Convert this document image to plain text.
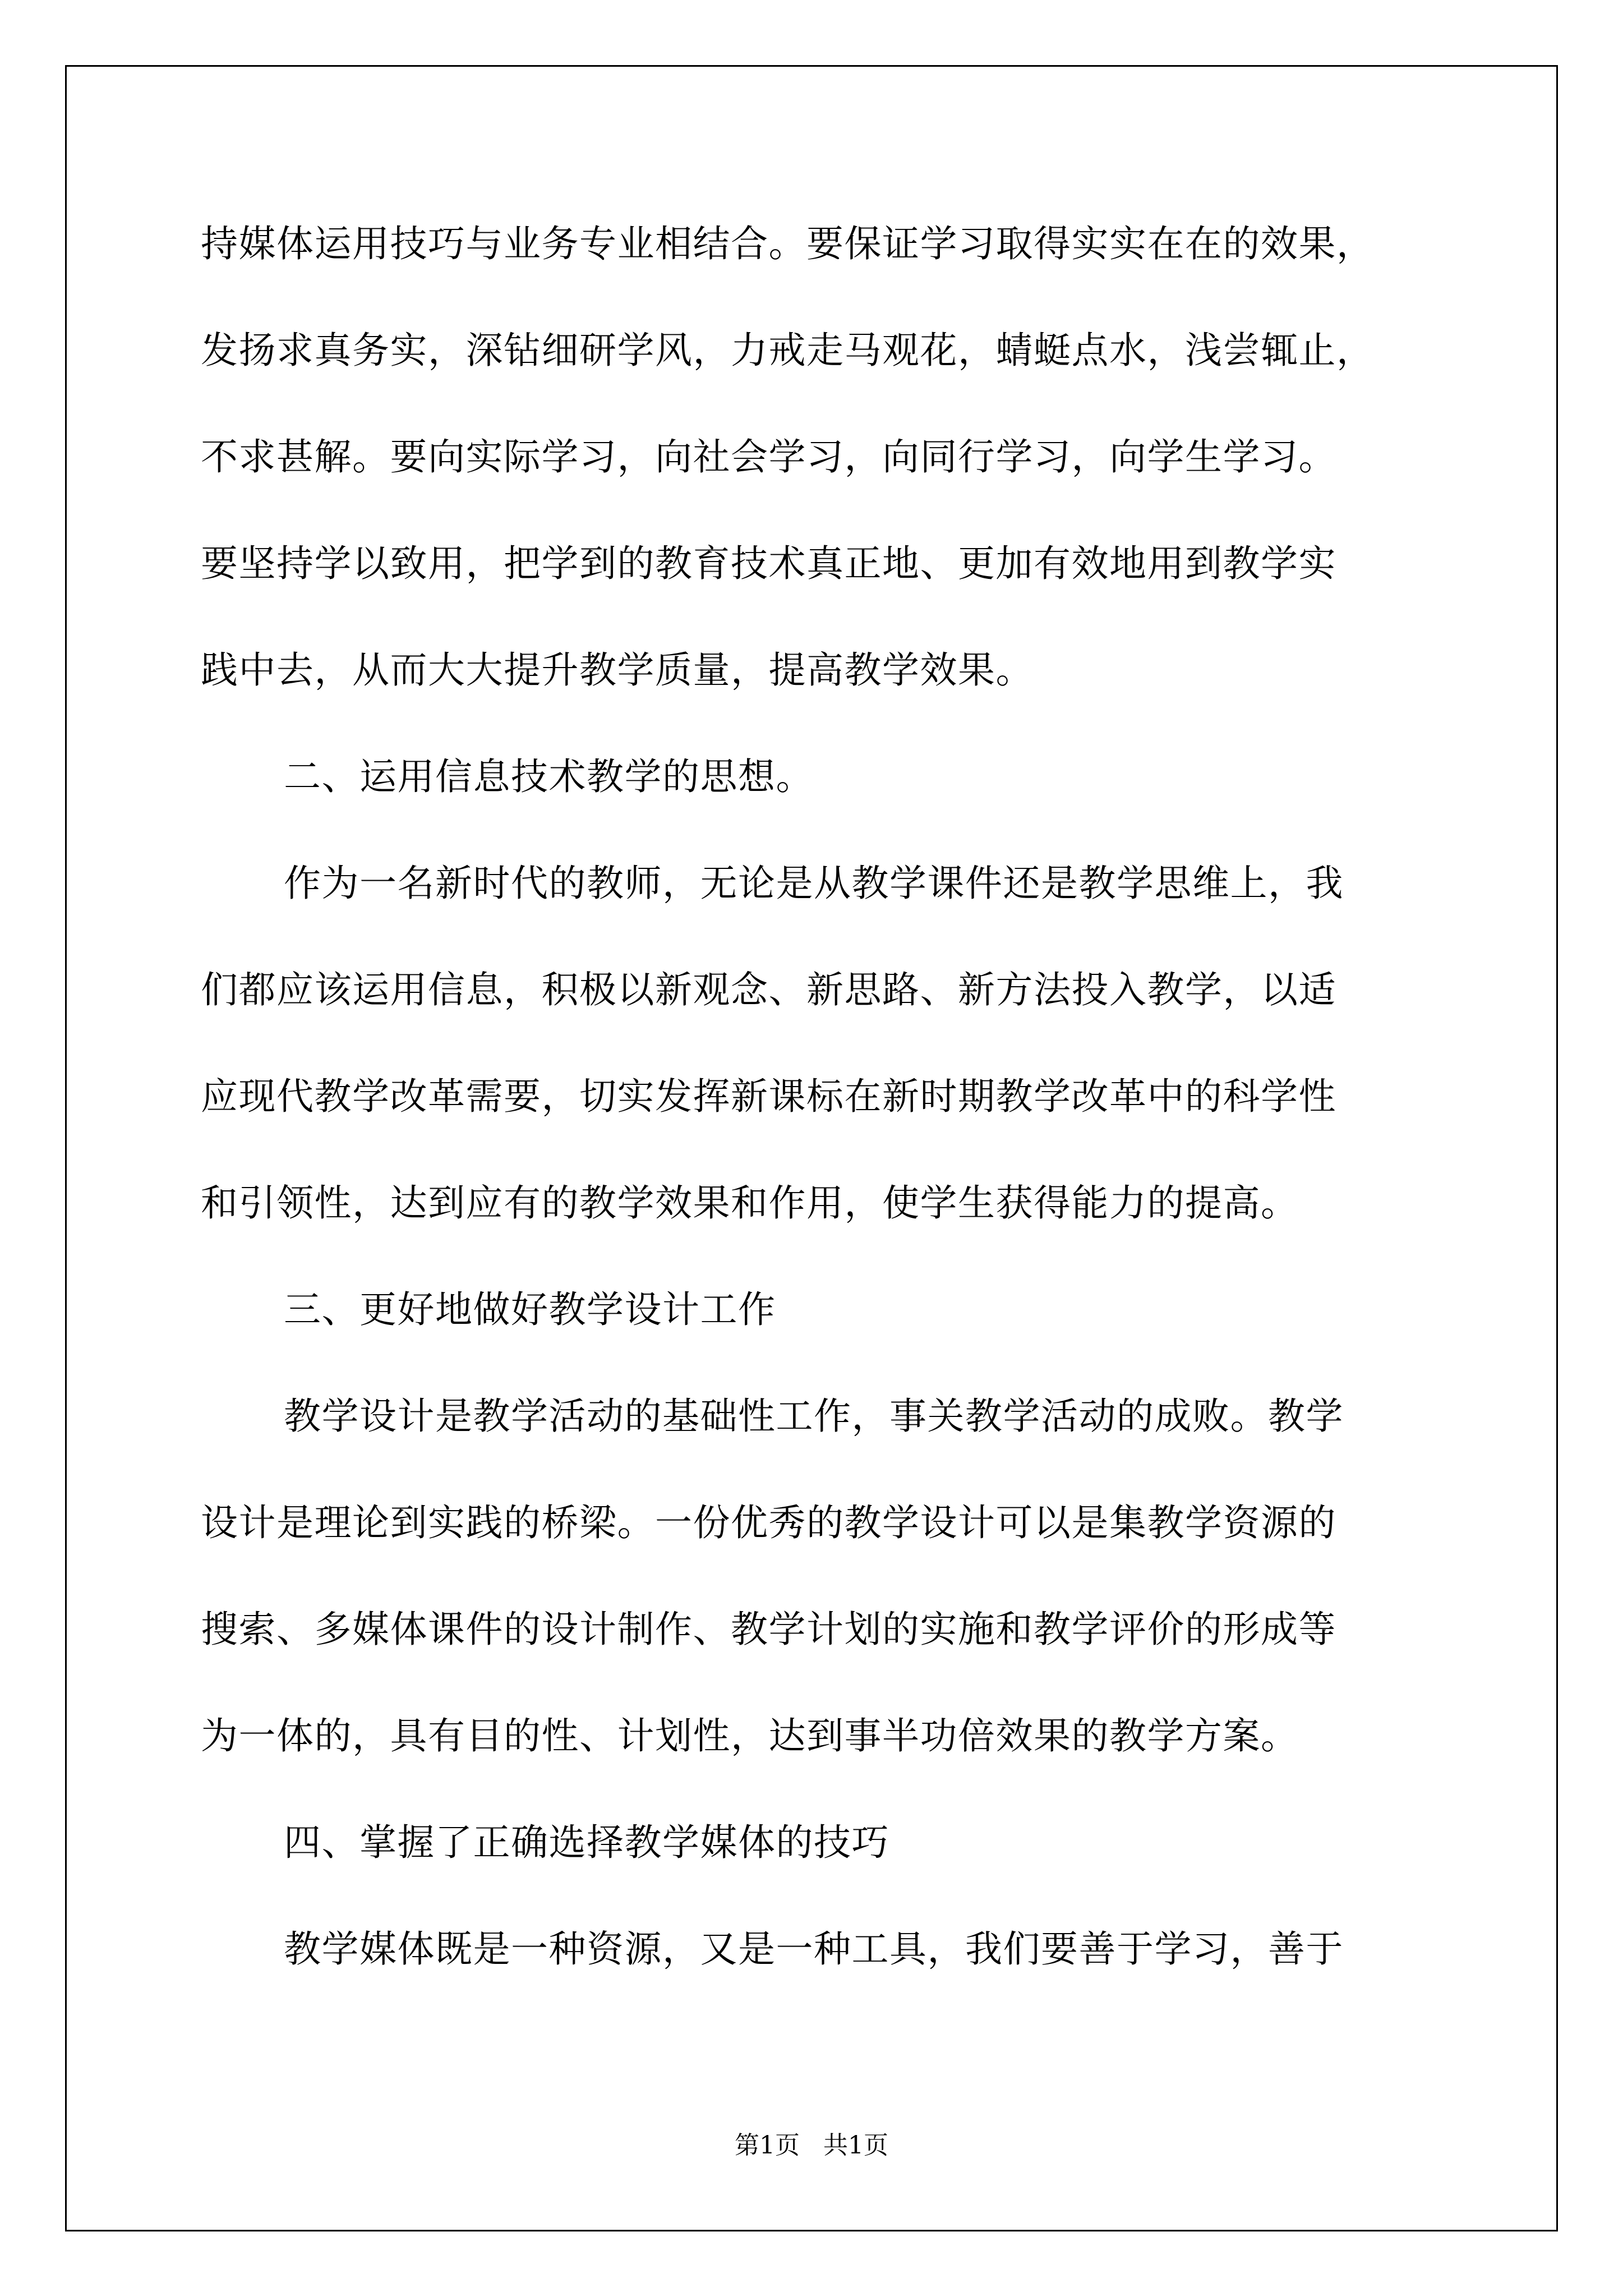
持媒体运用技巧与业务专业相结合。要保证学习取得实实在在的效果，
发扬求真务实，深钻细研学风，力戒走马观花，蜻蜓点水，浅尝辄止，
不求甚解。要向实际学习，向社会学习，向同行学习，向学生学习。
要坚持学以致用，把学到的教育技术真正地、更加有效地用到教学实
践中去，从而大大提升教学质量，提高教学效果。
二、运用信息技术教学的思想。
作为一名新时代的教师，无论是从教学课件还是教学思维上，我
们都应该运用信息，积极以新观念、新思路、新方法投入教学，以适
应现代教学改革需要，切实发挥新课标在新时期教学改革中的科学性
和引领性，达到应有的教学效果和作用，使学生获得能力的提高。
三、更好地做好教学设计工作
教学设计是教学活动的基础性工作，事关教学活动的成败。教学
设计是理论到实践的桥梁。一份优秀的教学设计可以是集教学资源的
搜索、多媒体课件的设计制作、教学计划的实施和教学评价的形成等
为一体的，具有目的性、计划性，达到事半功倍效果的教学方案。
四、掌握了正确选择教学媒体的技巧
教学媒体既是一种资源，又是一种工具，我们要善于学习，善于
第1页 共1页
